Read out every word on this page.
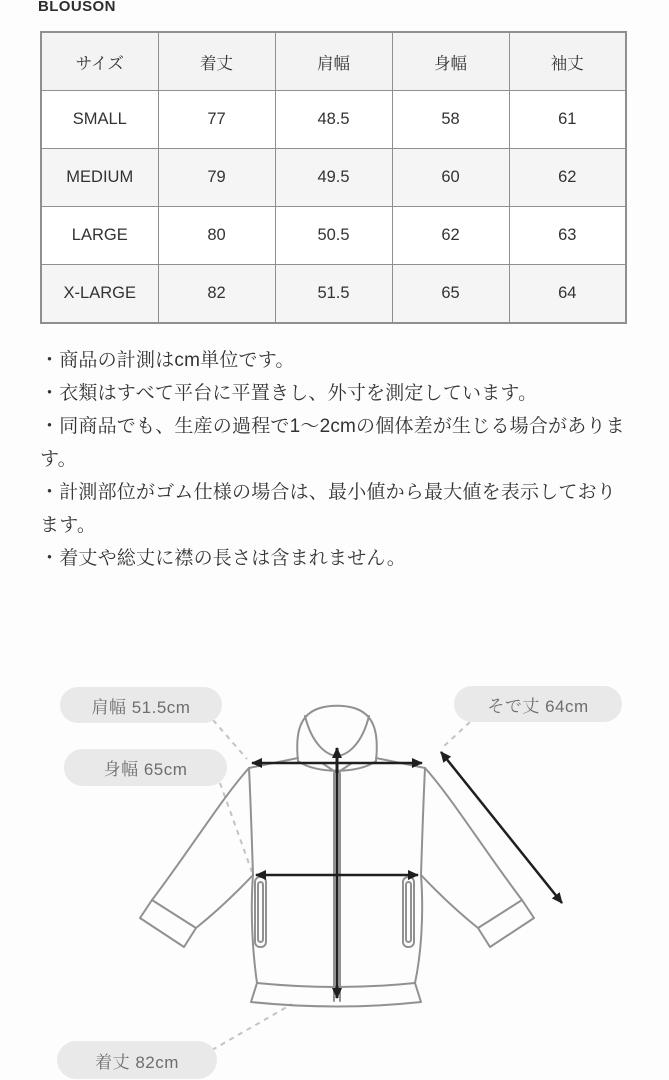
BLOUSON
サイズ	着丈	肩幅	身幅	袖丈
SMALL	77	48.5	58	61
MEDIUM	79	49.5	60	62
LARGE	80	50.5	62	63
X-LARGE	82	51.5	65	64
・商品の計測はcm単位です。
・衣類はすべて平台に平置きし、外寸を測定しています。
・同商品でも、生産の過程で1〜2cmの個体差が生じる場合があります。
・計測部位がゴム仕様の場合は、最小値から最大値を表示しております。
・着丈や総丈に襟の長さは含まれません。
肩幅 51.5cm	そで丈 64cm
身幅 65cm
着丈 82cm
